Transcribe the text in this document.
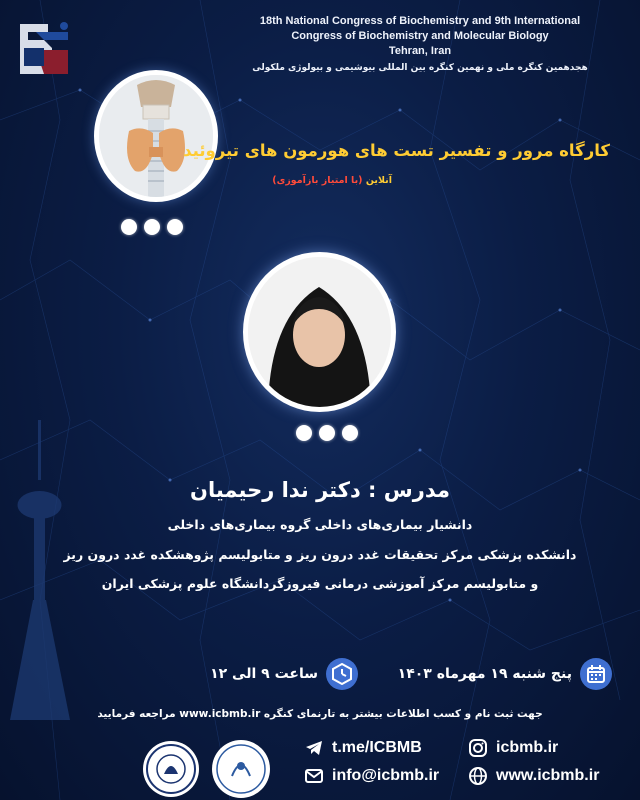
18th National Congress of Biochemistry and 9th International
Congress of Biochemistry and Molecular Biology
Tehran, Iran
هجدهمین کنگره ملی و نهمین کنگره بین المللی بیوشیمی و بیولوژی ملکولی
کارگاه مرور و تفسیر تست های هورمون های تیروئید
آنلاین (با امتیاز بازآموزی)
مدرس : دکتر ندا رحیمیان
دانشیار بیماری‌های داخلی گروه بیماری‌های داخلی
دانشکده پزشکی مرکز تحقیقات غدد درون ریز و متابولیسم پژوهشکده غدد درون ریز
و متابولیسم مرکز آموزشی درمانی فیروزگردانشگاه علوم پزشکی ایران
پنج شنبه ۱۹ مهرماه ۱۴۰۳
ساعت ۹ الی ۱۲
جهت ثبت نام و کسب اطلاعات بیشتر به تارنمای کنگره www.icbmb.ir مراجعه فرمایید
t.me/ICBMB	icbmb.ir
info@icbmb.ir	www.icbmb.ir
